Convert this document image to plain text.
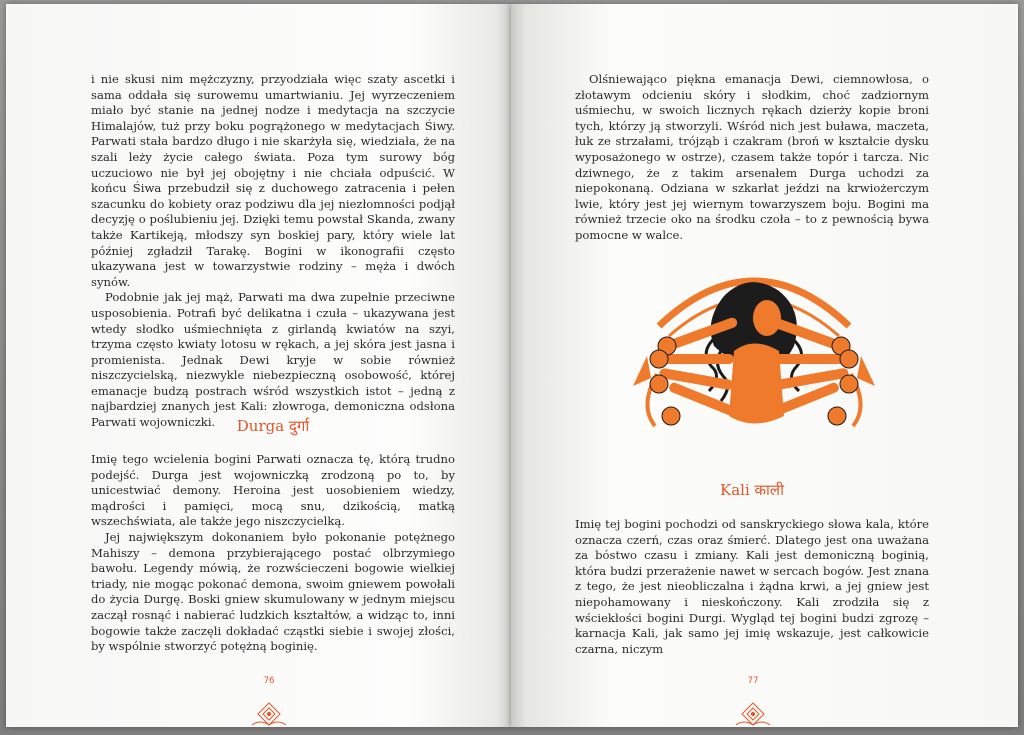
i nie skusi nim mężczyzny, przyodziała więc szaty ascetki i sama oddała się surowemu umartwianiu. Jej wyrzeczeniem miało być stanie na jednej nodze i medytacja na szczycie Himalajów, tuż przy boku pogrążonego w medytacjach Śiwy. Parwati stała bardzo długo i nie skarżyła się, wiedziała, że na szali leży życie całego świata. Poza tym surowy bóg uczuciowo nie był jej obojętny i nie chciała odpuścić. W końcu Śiwa przebudził się z duchowego zatracenia i pełen szacunku do kobiety oraz podziwu dla jej niezłomności podjął decyzję o poślubieniu jej. Dzięki temu powstał Skanda, zwany także Kartikeją, młodszy syn boskiej pary, który wiele lat później zgładził Tarakę. Bogini w ikonografii często ukazywana jest w towarzystwie rodziny – męża i dwóch synów.

Podobnie jak jej mąż, Parwati ma dwa zupełnie przeciwne usposobienia. Potrafi być delikatna i czuła – ukazywana jest wtedy słodko uśmiechnięta z girlandą kwiatów na szyi, trzyma często kwiaty lotosu w rękach, a jej skóra jest jasna i promienista. Jednak Dewi kryje w sobie również niszczycielską, niezwykle niebezpieczną osobowość, której emanacje budzą postrach wśród wszystkich istot – jedną z najbardziej znanych jest Kali: złowroga, demoniczna odsłona Parwati wojowniczki.	Durga दुर्गा

Imię tego wcielenia bogini Parwati oznacza tę, którą trudno podejść. Durga jest wojowniczką zrodzoną po to, by unicestwiać demony. Heroina jest uosobieniem wiedzy, mądrości i pamięci, mocą snu, dzikością, matką wszechświata, ale także jego niszczycielką.

Jej największym dokonaniem było pokonanie potężnego Mahiszy – demona przybierającego postać olbrzymiego bawołu. Legendy mówią, że rozwścieczeni bogowie wielkiej triady, nie mogąc pokonać demona, swoim gniewem powołali do życia Durgę. Boski gniew skumulowany w jednym miejscu zaczął rosnąć i nabierać ludzkich kształtów, a widząc to, inni bogowie także zaczęli dokładać cząstki siebie i swojej złości, by wspólnie stworzyć potężną boginię.

76

Olśniewająco piękna emanacja Dewi, ciemnowłosa, o złotawym odcieniu skóry i słodkim, choć zadziornym uśmiechu, w swoich licznych rękach dzierży kopie broni tych, którzy ją stworzyli. Wśród nich jest buława, maczeta, łuk ze strzałami, trójząb i czakram (broń w kształcie dysku wyposażonego w ostrze), czasem także topór i tarcza. Nic dziwnego, że z takim arsenałem Durga uchodzi za niepokonaną. Odziana w szkarłat jeździ na krwiożerczym lwie, który jest jej wiernym towarzyszem boju. Bogini ma również trzecie oko na środku czoła – to z pewnością bywa pomocne w walce.

Kali काली

Imię tej bogini pochodzi od sanskryckiego słowa kala, które oznacza czerń, czas oraz śmierć. Dlatego jest ona uważana za bóstwo czasu i zmiany. Kali jest demoniczną boginią, która budzi przerażenie nawet w sercach bogów. Jest znana z tego, że jest nieobliczalna i żądna krwi, a jej gniew jest niepohamowany i nieskończony. Kali zrodziła się z wściekłości bogini Durgi. Wygląd tej bogini budzi zgrozę – karnacja Kali, jak samo jej imię wskazuje, jest całkowicie czarna, niczym

77
